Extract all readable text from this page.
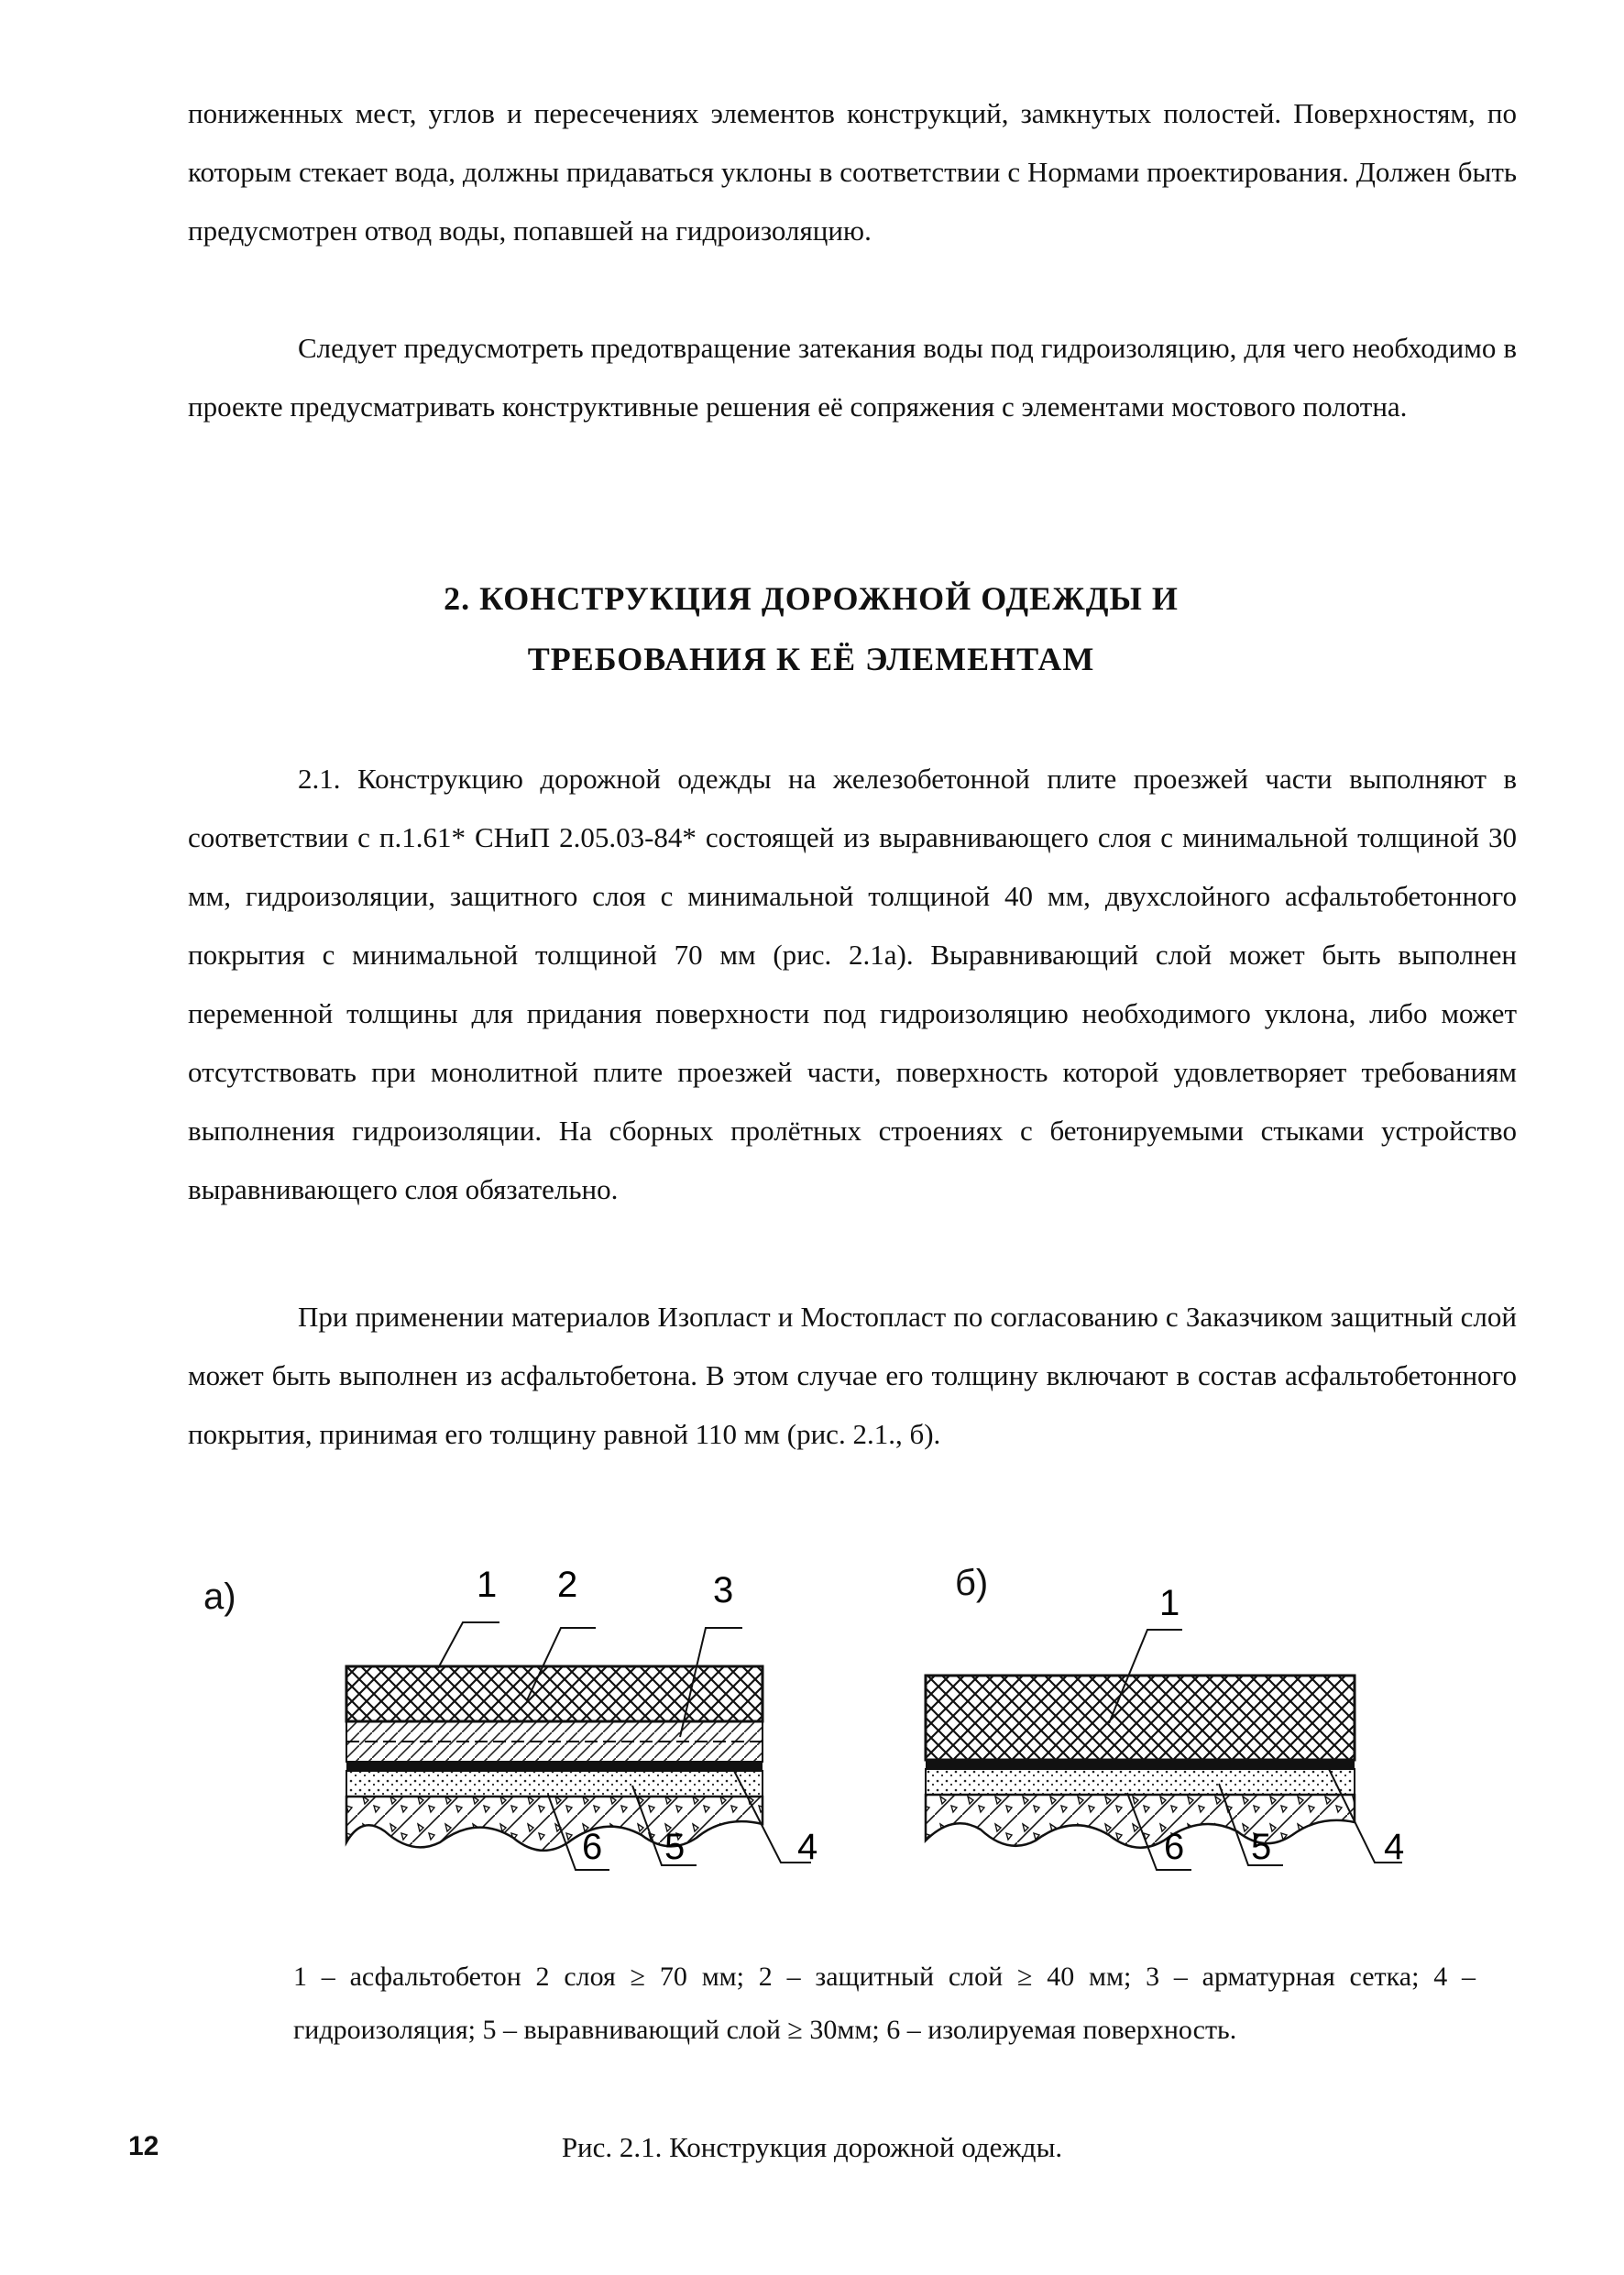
пониженных мест, углов и пересечениях элементов конструкций, замкнутых полостей. Поверхностям, по которым стекает вода, должны придаваться уклоны в соответствии с Нормами проектирования. Должен быть предусмотрен отвод воды, попавшей на гидроизоляцию.

Следует предусмотреть предотвращение затекания воды под гидроизоляцию, для чего необходимо в проекте предусматривать конструктивные решения её сопряжения с элементами мостового полотна.

2. КОНСТРУКЦИЯ ДОРОЖНОЙ ОДЕЖДЫ И

ТРЕБОВАНИЯ К ЕЁ ЭЛЕМЕНТАМ

2.1. Конструкцию дорожной одежды на железобетонной плите проезжей части выполняют в соответствии с п.1.61* СНиП 2.05.03-84* состоящей из выравнивающего слоя с минимальной толщиной 30 мм, гидроизоляции, защитного слоя с минимальной толщиной 40 мм, двухслойного асфальтобетонного покрытия с минимальной толщиной 70 мм (рис. 2.1а). Выравнивающий слой может быть выполнен переменной толщины для придания поверхности под гидроизоляцию необходимого уклона, либо может отсутствовать при монолитной плите проезжей части, поверхность которой удовлетворяет требованиям выполнения гидроизоляции. На сборных пролётных строениях с бетонируемыми стыками устройство выравнивающего слоя обязательно.

При применении материалов Изопласт и Мостопласт по согласованию с Заказчиком защитный слой может быть выполнен из асфальтобетона. В этом случае его толщину включают в состав асфальтобетонного покрытия, принимая его толщину равной 110 мм (рис. 2.1., б).

а)	б)
1 2	3
6 5	4
1
6 5	4

1 – асфальтобетон 2 слоя ≥ 70 мм; 2 – защитный слой ≥ 40 мм; 3 – арматурная сетка; 4 – гидроизоляция; 5 – выравнивающий слой ≥ 30мм; 6 – изолируемая поверхность.

12	Рис. 2.1. Конструкция дорожной одежды.
